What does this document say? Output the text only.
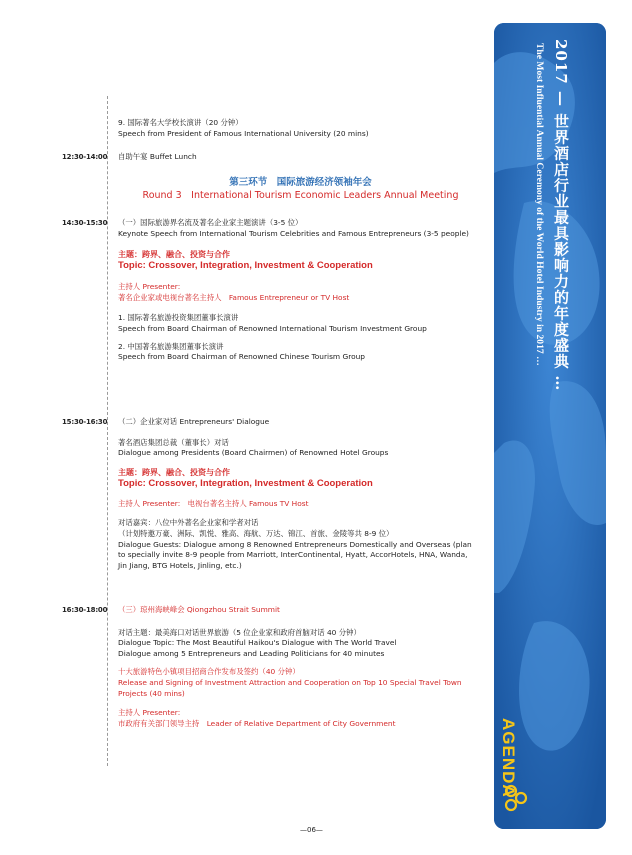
9. 国际著名大学校长演讲（20 分钟）

Speech from President of Famous International University (20 mins)

12:30-14:00 自助午宴 Buffet Lunch

第三环节　国际旅游经济领袖年会
Round 3　International Tourism Economic Leaders Annual Meeting
14:30-15:30 （一）国际旅游界名流及著名企业家主题演讲（3-5 位）

Keynote Speech from International Tourism Celebrities and Famous Entrepreneurs (3-5 people)

主题：跨界、融合、投资与合作

Topic: Crossover, Integration, Investment & Cooperation

主持人 Presenter:

著名企业家或电视台著名主持人　Famous Entrepreneur or TV Host

1. 国际著名旅游投资集团董事长演讲

Speech from Board Chairman of Renowned International Tourism Investment Group

2. 中国著名旅游集团董事长演讲

Speech from Board Chairman of Renowned Chinese Tourism Group

15:30-16:30 （二）企业家对话 Entrepreneurs' Dialogue

著名酒店集团总裁（董事长）对话

Dialogue among Presidents (Board Chairmen) of Renowned Hotel Groups

主题：跨界、融合、投资与合作

Topic: Crossover, Integration, Investment & Cooperation

主持人 Presenter:　电视台著名主持人 Famous TV Host

对话嘉宾：八位中外著名企业家和学者对话

（计划特邀万豪、洲际、凯悦、雅高、海航、万达、锦江、首旅、金陵等共 8-9 位）

Dialogue Guests: Dialogue among 8 Renowned Entrepreneurs Domestically and Overseas (plan to specially invite 8-9 people from Marriott, InterContinental, Hyatt, AccorHotels, HNA, Wanda, Jin Jiang, BTG Hotels, Jinling, etc.)

16:30-18:00 （三）琼州海峡峰会 Qiongzhou Strait Summit

对话主题：最美海口对话世界旅游（5 位企业家和政府首脑对话 40 分钟）

Dialogue Topic: The Most Beautiful Haikou's Dialogue with The World Travel

Dialogue among 5 Entrepreneurs and Leading Politicians for 40 minutes

十大旅游特色小镇项目招商合作发布及签约（40 分钟）

Release and Signing of Investment Attraction and Cooperation on Top 10 Special Travel Town Projects (40 mins)

主持人 Presenter:

市政府有关部门领导主持　Leader of Relative Department of City Government

—06—
2017 — 世界酒店行业最具影响力的年度盛典 …
The Most Influential Annual Ceremony of the World Hotel Industry in 2017 …
AGENDA
